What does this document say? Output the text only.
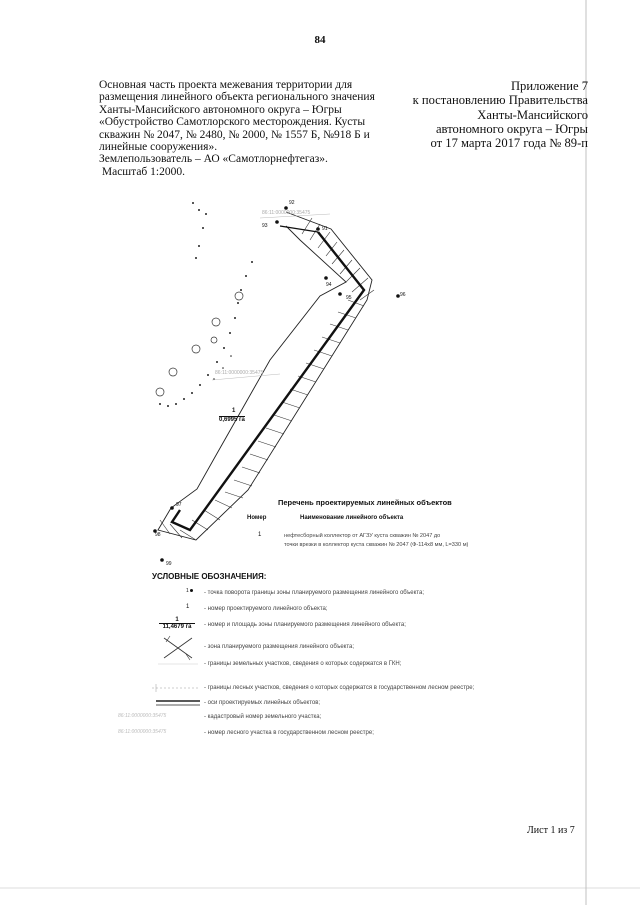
92
93	91
94
95	96
97
98
99
86:11:0000000:35475
86:11:0000000:35475
1
0,6995 га
84
Основная часть проекта межевания территории для
размещения линейного объекта регионального значения
Ханты-Мансийского автономного округа – Югры
«Обустройство Самотлорского месторождения. Кусты
скважин № 2047, № 2480, № 2000, № 1557 Б, №918 Б и
линейные сооружения».
Землепользователь – АО «Самотлорнефтегаз».
Масштаб 1:2000.
Приложение 7
к постановлению Правительства
Ханты-Мансийского
автономного округа – Югры
от 17 марта 2017 года № 89-п
Перечень проектируемых линейных объектов
Номер	Наименование линейного объекта
1	нефтесборный коллектор от АГЗУ куста скважин № 2047 до
точки врезки в коллектор куста скважин № 2047 (Ф-114х8 мм, L=330 м)
УСЛОВНЫЕ ОБОЗНАЧЕНИЯ:
1	- точка поворота границы зоны планируемого размещения линейного объекта;
1 - номер проектируемого линейного объекта;
1
11,4679 га	- номер и площадь зоны планируемого размещения линейного объекта;
- зона планируемого размещения линейного объекта;
- границы земельных участков, сведения о которых содержатся в ГКН;
- границы лесных участков, сведения о которых содержатся в государственном лесном реестре;
- оси проектируемых линейных объектов;
86:11:0000000:35475	- кадастровый номер земельного участка;
86:11:0000000:35475	- номер лесного участка в государственном лесном реестре;
Лист 1 из 7
